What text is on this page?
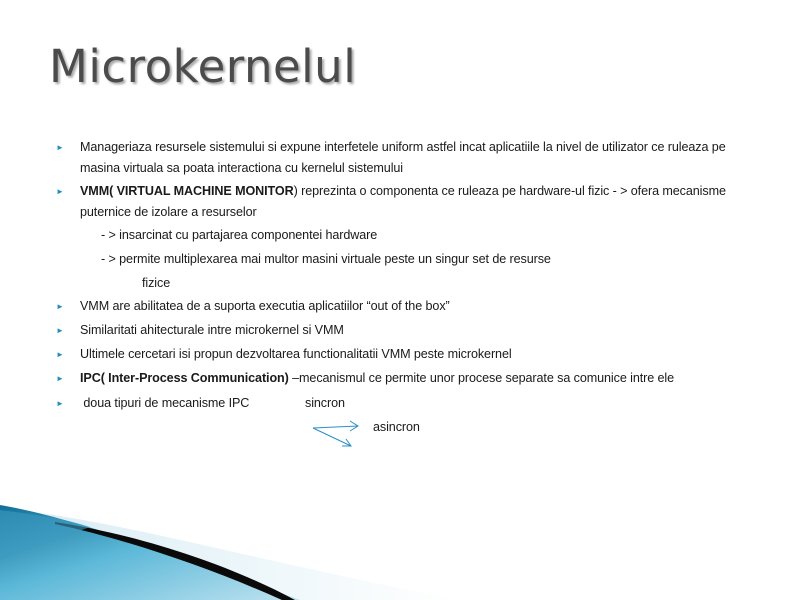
Microkernelul
►	Manageriaza resursele sistemului si expune interfetele uniform astfel incat aplicatiile la nivel de utilizator ce ruleaza pe masina virtuala sa poata interactiona cu kernelul sistemului
►	VMM( VIRTUAL MACHINE MONITOR) reprezinta o componenta ce ruleaza pe hardware-ul fizic - > ofera mecanisme puternice de izolare a resurselor
- > insarcinat cu partajarea componentei hardware
- > permite multiplexarea mai multor masini virtuale peste un singur set de resurse
fizice
►	VMM are abilitatea de a suporta executia aplicatiilor “out of the box”
►	Similaritati ahitecturale intre microkernel si VMM
►	Ultimele cercetari isi propun dezvoltarea functionalitatii VMM peste microkernel
►	IPC( Inter-Process Communication) –mecanismul ce permite unor procese separate sa comunice intre ele
►	doua tipuri de mecanisme IPC	sincron
asincron
